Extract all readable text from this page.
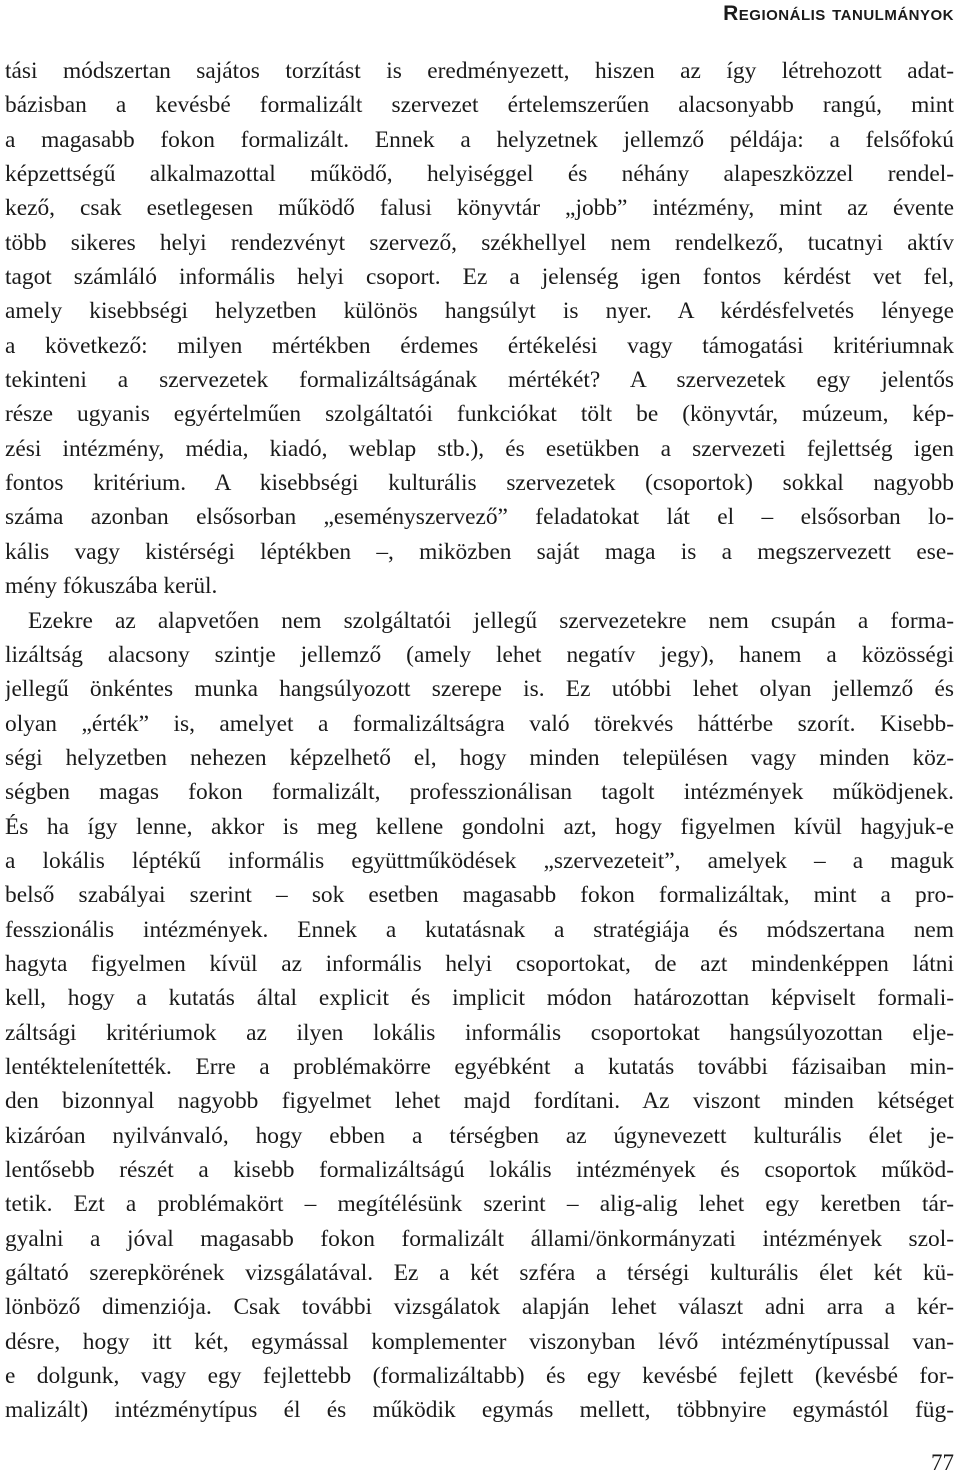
Regionális tanulmányok
tási módszertan sajátos torzítást is eredményezett, hiszen az így létrehozott adat-
bázisban a kevésbé formalizált szervezet értelemszerűen alacsonyabb rangú, mint
a magasabb fokon formalizált. Ennek a helyzetnek jellemző példája: a felsőfokú
képzettségű alkalmazottal működő, helyiséggel és néhány alapeszközzel rendel-
kező, csak esetlegesen működő falusi könyvtár „jobb” intézmény, mint az évente
több sikeres helyi rendezvényt szervező, székhellyel nem rendelkező, tucatnyi aktív
tagot számláló informális helyi csoport. Ez a jelenség igen fontos kérdést vet fel,
amely kisebbségi helyzetben különös hangsúlyt is nyer. A kérdésfelvetés lényege
a következő: milyen mértékben érdemes értékelési vagy támogatási kritériumnak
tekinteni a szervezetek formalizáltságának mértékét? A szervezetek egy jelentős
része ugyanis egyértelműen szolgáltatói funkciókat tölt be (könyvtár, múzeum, kép-
zési intézmény, média, kiadó, weblap stb.), és esetükben a szervezeti fejlettség igen
fontos kritérium. A kisebbségi kulturális szervezetek (csoportok) sokkal nagyobb
száma azonban elsősorban „eseményszervező” feladatokat lát el – elsősorban lo-
kális vagy kistérségi léptékben –, miközben saját maga is a megszervezett ese-
mény fókuszába kerül.
Ezekre az alapvetően nem szolgáltatói jellegű szervezetekre nem csupán a forma-
lizáltság alacsony szintje jellemző (amely lehet negatív jegy), hanem a közösségi
jellegű önkéntes munka hangsúlyozott szerepe is. Ez utóbbi lehet olyan jellemző és
olyan „érték” is, amelyet a formalizáltságra való törekvés háttérbe szorít. Kisebb-
ségi helyzetben nehezen képzelhető el, hogy minden településen vagy minden köz-
ségben magas fokon formalizált, professzionálisan tagolt intézmények működjenek.
És ha így lenne, akkor is meg kellene gondolni azt, hogy figyelmen kívül hagyjuk-e
a lokális léptékű informális együttműködések „szervezeteit”, amelyek – a maguk
belső szabályai szerint – sok esetben magasabb fokon formalizáltak, mint a pro-
fesszionális intézmények. Ennek a kutatásnak a stratégiája és módszertana nem
hagyta figyelmen kívül az informális helyi csoportokat, de azt mindenképpen látni
kell, hogy a kutatás által explicit és implicit módon határozottan képviselt formali-
záltsági kritériumok az ilyen lokális informális csoportokat hangsúlyozottan elje-
lentéktelenítették. Erre a problémakörre egyébként a kutatás további fázisaiban min-
den bizonnyal nagyobb figyelmet lehet majd fordítani. Az viszont minden kétséget
kizáróan nyilvánvaló, hogy ebben a térségben az úgynevezett kulturális élet je-
lentősebb részét a kisebb formalizáltságú lokális intézmények és csoportok működ-
tetik. Ezt a problémakört – megítélésünk szerint – alig-alig lehet egy keretben tár-
gyalni a jóval magasabb fokon formalizált állami/önkormányzati intézmények szol-
gáltató szerepkörének vizsgálatával. Ez a két szféra a térségi kulturális élet két kü-
lönböző dimenziója. Csak további vizsgálatok alapján lehet választ adni arra a kér-
désre, hogy itt két, egymással komplementer viszonyban lévő intézménytípussal van-
e dolgunk, vagy egy fejlettebb (formalizáltabb) és egy kevésbé fejlett (kevésbé for-
malizált) intézménytípus él és működik egymás mellett, többnyire egymástól füg-
77
